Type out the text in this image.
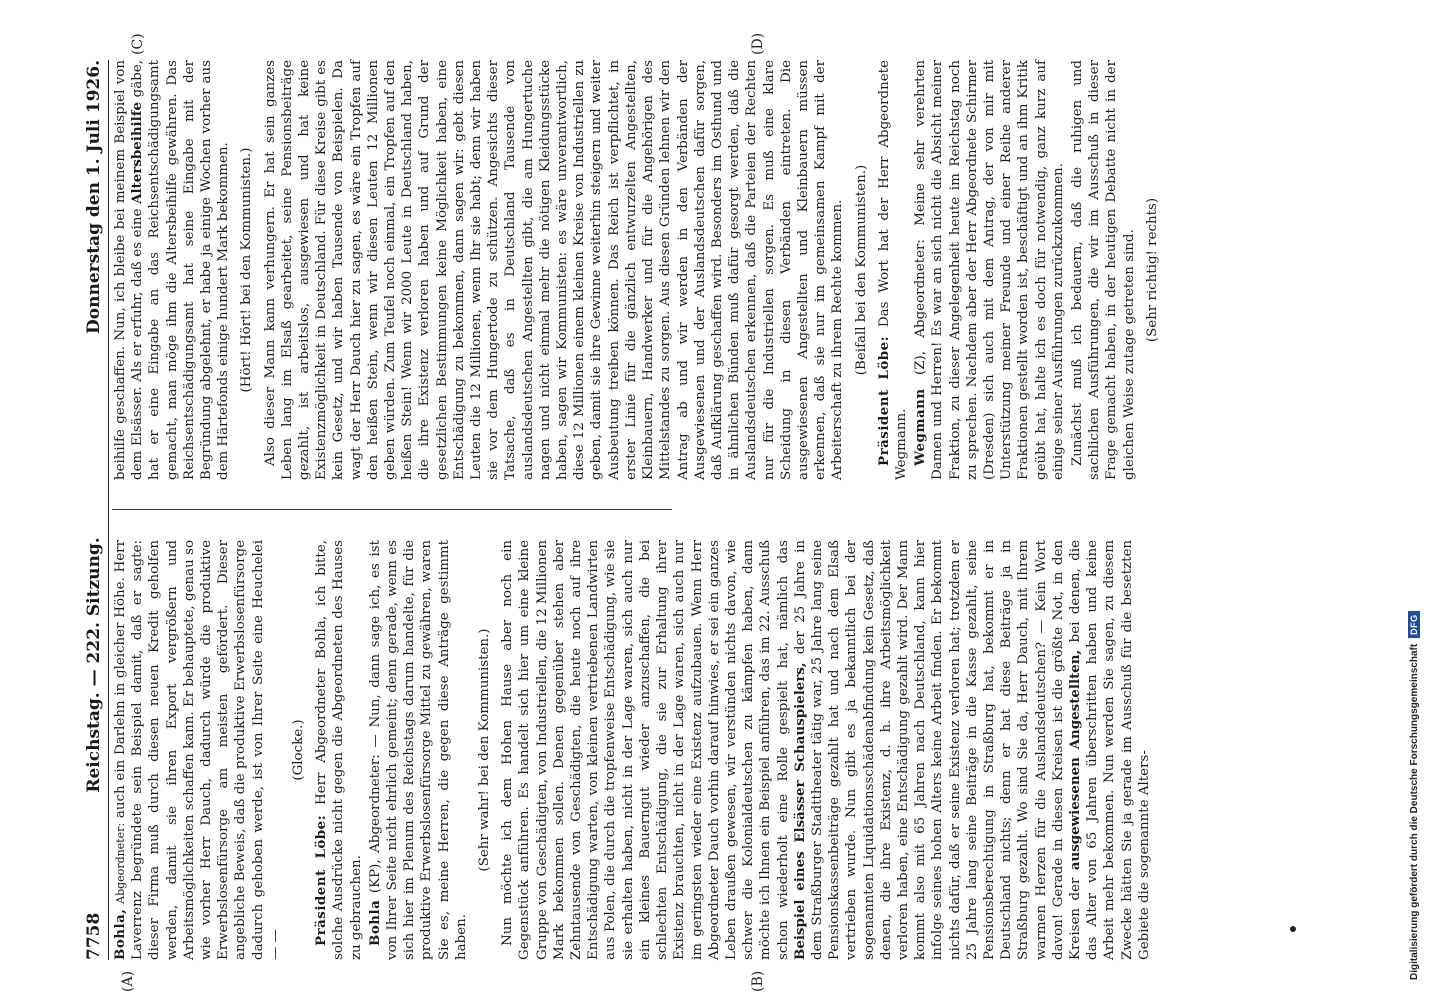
7758
Reichstag. — 222. Sitzung.
Donnerstag den 1. Juli 1926.

Bohla, Abgeordneter: auch ein Darlehn in gleicher Höhe. Herr Laverrenz begründete sein Beispiel damit, daß er sagte: dieser Firma muß durch diesen neuen Kredit geholfen werden, damit sie ihren Export vergrößern und Arbeitsmöglichkeiten schaffen kann. Er behauptete, genau so wie vorher Herr Dauch, dadurch würde die produktive Erwerbslosenfürsorge am meisten gefördert. Dieser angebliche Beweis, daß die produktive Erwerbslosenfürsorge dadurch gehoben werde, ist von Ihrer Seite eine Heuchelei — —

(Glocke.)

Präsident Löbe: Herr Abgeordneter Bohla, ich bitte, solche Ausdrücke nicht gegen die Abgeordneten des Hauses zu gebrauchen. Bohla (KP), Abgeordneter: — Nun, dann sage ich, es ist von Ihrer Seite nicht ehrlich gemeint; denn gerade, wenn es sich hier im Plenum des Reichstags darum handelte, für die produktive Erwerbslosenfürsorge Mittel zu gewähren, waren Sie es, meine Herren, die gegen diese Anträge gestimmt haben.

(Sehr wahr! bei den Kommunisten.) Nun möchte ich dem Hohen Hause aber noch ein Gegenstück anführen. Es handelt sich hier um eine kleine Gruppe von Geschädigten, von Industriellen, die 12 Millionen Mark bekommen sollen. Denen gegenüber stehen aber Zehntausende von Geschädigten, die heute noch auf ihre Entschädigung warten, von kleinen vertriebenen Landwirten aus Polen, die durch die tropfenweise Entschädigung, wie sie sie erhalten haben, nicht in der Lage waren, sich auch nur ein kleines Bauerngut wieder anzuschaffen, die bei schlechten Entschädigung, die sie zur Erhaltung ihrer Existenz brauchten, nicht in der Lage waren, sich auch nur im geringsten wieder eine Existenz aufzubauen. Wenn Herr Abgeordneter Dauch vorhin darauf hinwies, er sei ein ganzes Leben draußen gewesen, wir verstünden nichts davon, wie schwer die Kolonialdeutschen zu kämpfen haben, dann möchte ich Ihnen ein Beispiel anführen, das im 22. Ausschuß schon wiederholt eine Rolle gespielt hat, nämlich das Beispiel eines Elsässer Schauspielers, der 25 Jahre in dem Straßburger Stadttheater tätig war, 25 Jahre lang seine Pensionskassenbeiträge gezahlt hat und nach dem Elsaß vertrieben wurde. Nun gibt es ja bekanntlich bei der sogenannten Liquidationsschädenabfindung kein Gesetz, daß denen, die ihre Existenz, d. h. ihre Arbeitsmöglichkeit verloren haben, eine Entschädigung gezahlt wird. Der Mann kommt also mit 65 Jahren nach Deutschland, kann hier infolge seines hohen Alters keine Arbeit finden. Er bekommt nichts dafür, daß er seine Existenz verloren hat; trotzdem er 25 Jahre lang seine Beiträge in die Kasse gezahlt, seine Pensionsberechtigung in Straßburg hat, bekommt er in Deutschland nichts; denn er hat diese Beiträge ja in Straßburg gezahlt. Wo sind Sie da, Herr Dauch, mit Ihrem warmen Herzen für die Auslandsdeutschen? — Kein Wort davon! Gerade in diesen Kreisen ist die größte Not, in den Kreisen der ausgewiesenen Angestellten, bei denen, die das Alter von 65 Jahren überschritten haben und keine Arbeit mehr bekommen. Nun werden Sie sagen, zu diesem Zwecke hätten Sie ja gerade im Ausschuß für die besetzten Gebiete die sogenannte Alters-

beihilfe geschaffen. Nun, ich bleibe bei meinem Beispiel von dem Elsässer. Als er erfuhr, daß es eine Altersbeihilfe gäbe, hat er eine Eingabe an das Reichsentschädigungsamt gemacht, man möge ihm die Altersbeihilfe gewähren. Das Reichsentschädigungsamt hat seine Eingabe mit der Begründung abgelehnt, er habe ja einige Wochen vorher aus dem Härtefonds einige hundert Mark bekommen. (Hört! Hört! bei den Kommunisten.) Also dieser Mann kann verhungern. Er hat sein ganzes Leben lang im Elsaß gearbeitet, seine Pensionsbeiträge gezahlt, ist arbeitslos, ausgewiesen und hat keine Existenzmöglichkeit in Deutschland. Für diese Kreise gibt es kein Gesetz, und wir haben Tausende von Beispielen. Da wagt der Herr Dauch hier zu sagen, es wäre ein Tropfen auf den heißen Stein, wenn wir diesen Leuten 12 Millionen geben würden. Zum Teufel noch einmal, ein Tropfen auf den heißen Stein! Wenn wir 2000 Leute in Deutschland haben, die ihre Existenz verloren haben und auf Grund der gesetzlichen Bestimmungen keine Möglichkeit haben, eine Entschädigung zu bekommen, dann sagen wir: gebt diesen Leuten die 12 Millionen, wenn Ihr sie habt; denn wir haben sie vor dem Hungertode zu schützen. Angesichts dieser Tatsache, daß es in Deutschland Tausende von auslandsdeutschen Angestellten gibt, die am Hungertuche nagen und nicht einmal mehr die nötigen Kleidungsstücke haben, sagen wir Kommunisten: es wäre unverantwortlich, diese 12 Millionen einem kleinen Kreise von Industriellen zu geben, damit sie ihre Gewinne weiterhin steigern und weiter Ausbeutung treiben können. Das Reich ist verpflichtet, in erster Linie für die gänzlich entwurzelten Angestellten, Kleinbauern, Handwerker und für die Angehörigen des Mittelstandes zu sorgen. Aus diesen Gründen lehnen wir den Antrag ab und wir werden in den Verbänden der Ausgewiesenen und der Auslandsdeutschen dafür sorgen, daß Aufklärung geschaffen wird. Besonders im Osthund und in ähnlichen Bünden muß dafür gesorgt werden, daß die Auslandsdeutschen erkennen, daß die Parteien der Rechten nur für die Industriellen sorgen. Es muß eine klare Scheidung in diesen Verbänden eintreten. Die ausgewiesenen Angestellten und Kleinbauern müssen erkennen, daß sie nur im gemeinsamen Kampf mit der Arbeiterschaft zu ihrem Rechte kommen. (Beifall bei den Kommunisten.)

Präsident Löbe: Das Wort hat der Herr Abgeordnete Wegmann. Wegmann (Z), Abgeordneter: Meine sehr verehrten Damen und Herren! Es war an sich nicht die Absicht meiner Fraktion, zu dieser Angelegenheit heute im Reichstag noch zu sprechen. Nachdem aber der Herr Abgeordnete Schirmer (Dresden) sich auch mit dem Antrag, der von mir mit Unterstützung meiner Freunde und einer Reihe anderer Fraktionen gestellt worden ist, beschäftigt und an ihm Kritik geübt hat, halte ich es doch für notwendig, ganz kurz auf einige seiner Ausführungen zurückzukommen. Zunächst muß ich bedauern, daß die ruhigen und sachlichen Ausführungen, die wir im Ausschuß in dieser Frage gemacht haben, in der heutigen Debatte nicht in der gleichen Weise zutage getreten sind. (Sehr richtig! rechts)

(A)	(B)
(C)	(D)
Digitalisierung gefördert durch die Deutsche Forschungsgemeinschaft
DFG
